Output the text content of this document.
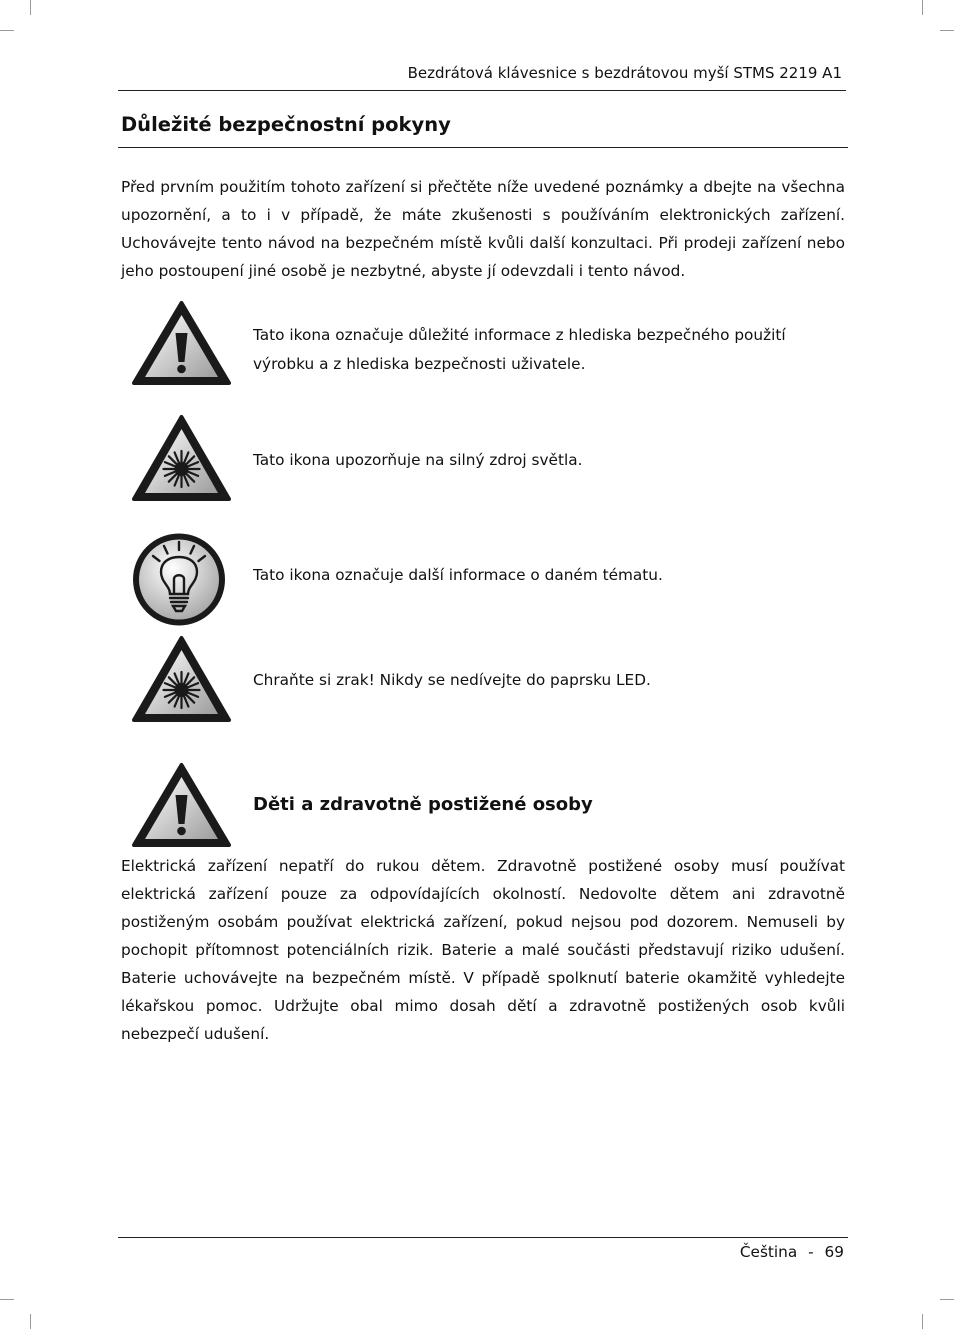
Bezdrátová klávesnice s bezdrátovou myší STMS 2219 A1
Důležité bezpečnostní pokyny

Před prvním použitím tohoto zařízení si přečtěte níže uvedené poznámky a dbejte na všechna upozornění, a to i v případě, že máte zkušenosti s používáním elektronických zařízení. Uchovávejte tento návod na bezpečném místě kvůli další konzultaci. Při prodeji zařízení nebo jeho postoupení jiné osobě je nezbytné, abyste jí odevzdali i tento návod.

Tato ikona označuje důležité informace z hlediska bezpečného použití výrobku a z hlediska bezpečnosti uživatele.

Tato ikona upozorňuje na silný zdroj světla.

Tato ikona označuje další informace o daném tématu.

Chraňte si zrak! Nikdy se nedívejte do paprsku LED.

Děti a zdravotně postižené osoby

Elektrická zařízení nepatří do rukou dětem. Zdravotně postižené osoby musí používat elektrická zařízení pouze za odpovídajících okolností. Nedovolte dětem ani zdravotně postiženým osobám používat elektrická zařízení, pokud nejsou pod dozorem. Nemuseli by pochopit přítomnost potenciálních rizik. Baterie a malé součásti představují riziko udušení. Baterie uchovávejte na bezpečném místě. V případě spolknutí baterie okamžitě vyhledejte lékařskou pomoc. Udržujte obal mimo dosah dětí a zdravotně postižených osob kvůli nebezpečí udušení.

Čeština - 69
